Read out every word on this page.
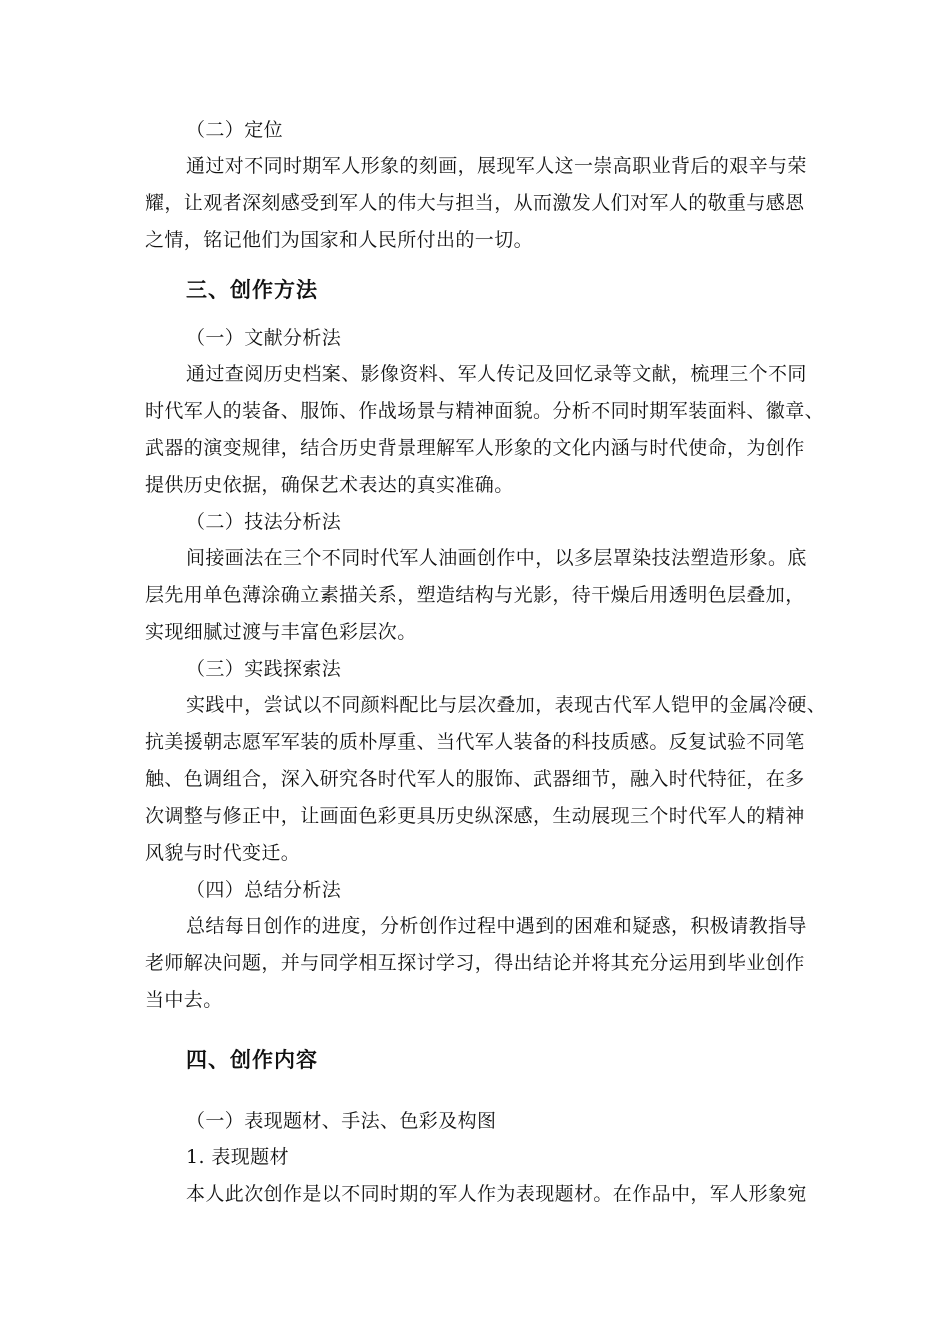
（二）定位
通过对不同时期军人形象的刻画，展现军人这一崇高职业背后的艰辛与荣
耀，让观者深刻感受到军人的伟大与担当，从而激发人们对军人的敬重与感恩
之情，铭记他们为国家和人民所付出的一切。
三、创作方法
（一）文献分析法
通过查阅历史档案、影像资料、军人传记及回忆录等文献，梳理三个不同
时代军人的装备、服饰、作战场景与精神面貌。分析不同时期军装面料、徽章、
武器的演变规律，结合历史背景理解军人形象的文化内涵与时代使命，为创作
提供历史依据，确保艺术表达的真实准确。
（二）技法分析法
间接画法在三个不同时代军人油画创作中，以多层罩染技法塑造形象。底
层先用单色薄涂确立素描关系，塑造结构与光影，待干燥后用透明色层叠加，
实现细腻过渡与丰富色彩层次。
（三）实践探索法
实践中，尝试以不同颜料配比与层次叠加，表现古代军人铠甲的金属冷硬、
抗美援朝志愿军军装的质朴厚重、当代军人装备的科技质感。反复试验不同笔
触、色调组合，深入研究各时代军人的服饰、武器细节，融入时代特征，在多
次调整与修正中，让画面色彩更具历史纵深感，生动展现三个时代军人的精神
风貌与时代变迁。
（四）总结分析法
总结每日创作的进度，分析创作过程中遇到的困难和疑惑，积极请教指导
老师解决问题，并与同学相互探讨学习，得出结论并将其充分运用到毕业创作
当中去。
四、创作内容
（一）表现题材、手法、色彩及构图
1. 表现题材
本人此次创作是以不同时期的军人作为表现题材。在作品中，军人形象宛
